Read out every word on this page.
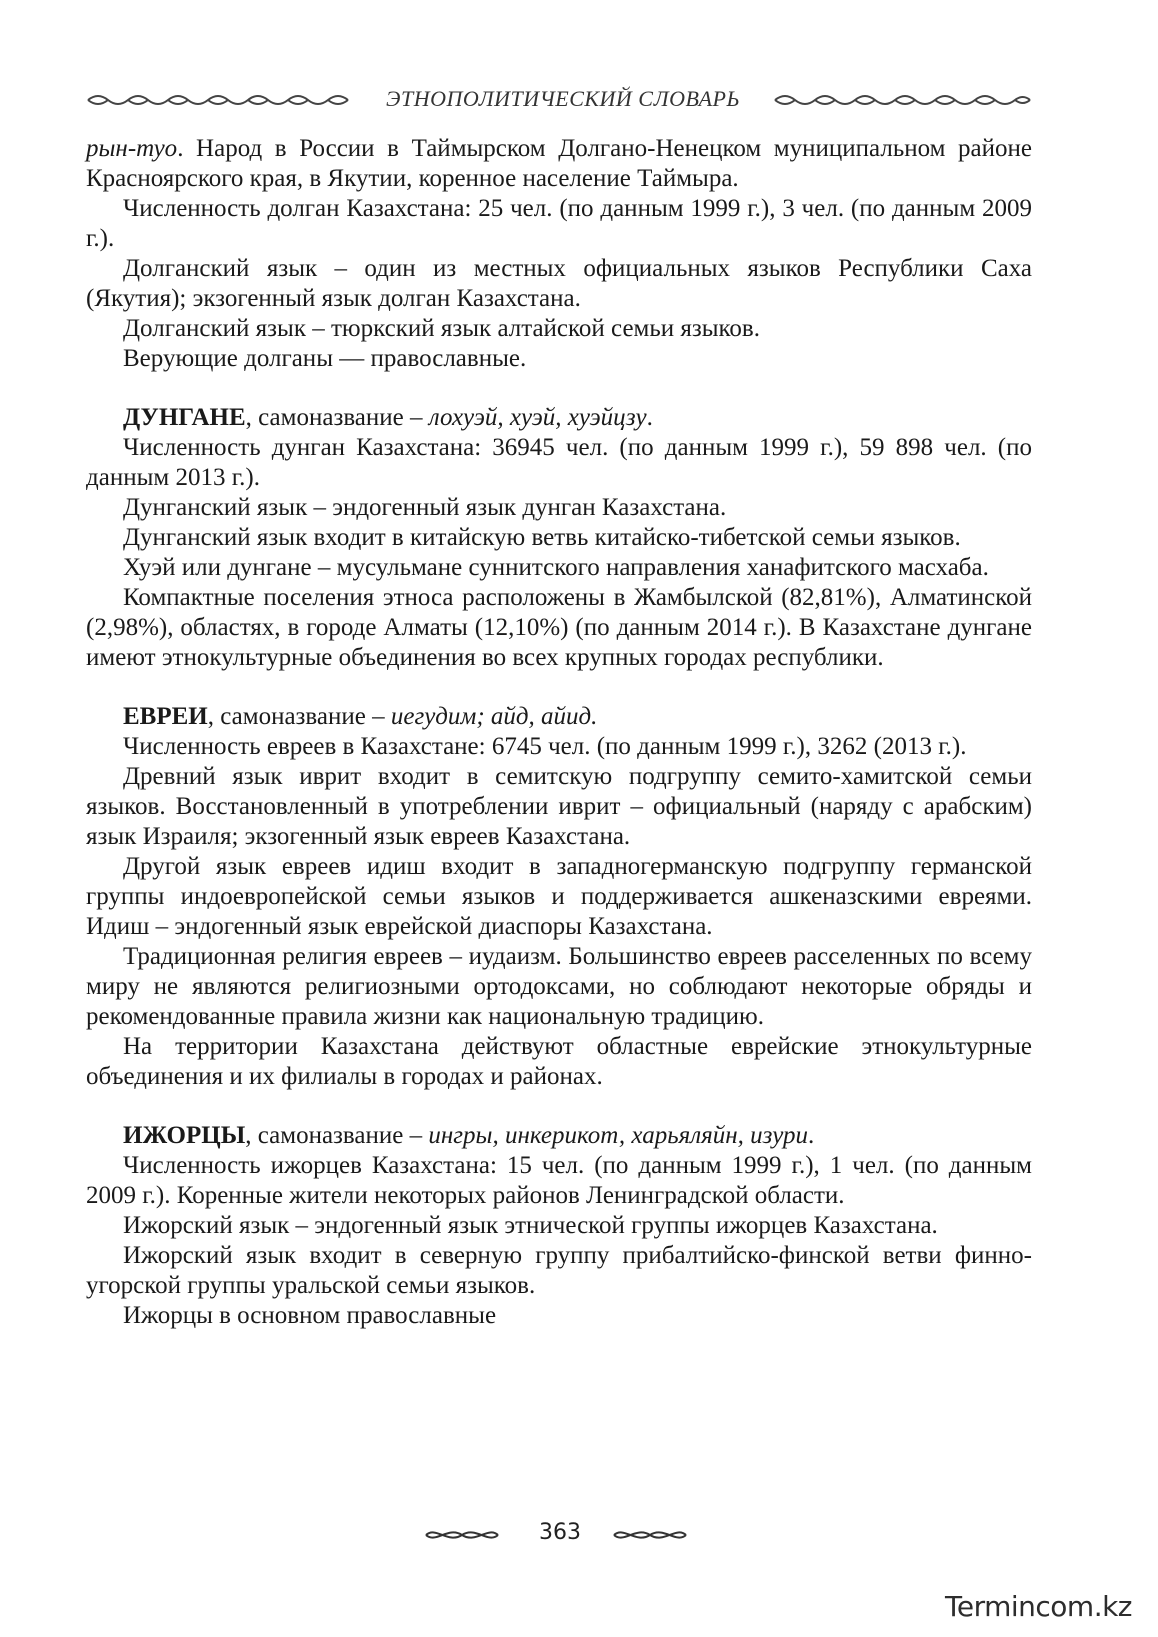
ЭТНОПОЛИТИЧЕСКИЙ СЛОВАРЬ

рын-туо. Народ в России в Таймырском Долгано-Ненецком муниципальном районе Красноярского края, в Якутии, коренное население Таймыра.

Численность долган Казахстана: 25 чел. (по данным 1999 г.), 3 чел. (по данным 2009 г.).

Долганский язык – один из местных официальных языков Республики Саха (Якутия); экзогенный язык долган Казахстана.

Долганский язык – тюркский язык алтайской семьи языков.

Верующие долганы — православные.

ДУНГАНЕ, самоназвание – лохуэй, хуэй, хуэйцзу.

Численность дунган Казахстана: 36945 чел. (по данным 1999 г.), 59 898 чел. (по данным 2013 г.).

Дунганский язык – эндогенный язык дунган Казахстана.

Дунганский язык входит в китайскую ветвь китайско-тибетской семьи языков.

Хуэй или дунгане – мусульмане суннитского направления ханафитского масхаба.

Компактные поселения этноса расположены в Жамбылской (82,81%), Алматинской (2,98%), областях, в городе Алматы (12,10%) (по данным 2014 г.). В Казахстане дунгане имеют этнокультурные объединения во всех крупных городах республики.

ЕВРЕИ, самоназвание – иегудим; айд, айид.

Численность евреев в Казахстане: 6745 чел. (по данным 1999 г.), 3262 (2013 г.).

Древний язык иврит входит в семитскую подгруппу семито-хамитской семьи языков. Восстановленный в употреблении иврит – официальный (наряду с арабским) язык Израиля; экзогенный язык евреев Казахстана.

Другой язык евреев идиш входит в западногерманскую подгруппу германской группы индоевропейской семьи языков и поддерживается ашкеназскими евреями. Идиш – эндогенный язык еврейской диаспоры Казахстана.

Традиционная религия евреев – иудаизм. Большинство евреев расселенных по всему миру не являются религиозными ортодоксами, но соблюдают некоторые обряды и рекомендованные правила жизни как национальную традицию.

На территории Казахстана действуют областные еврейские этнокультурные объединения и их филиалы в городах и районах.

ИЖОРЦЫ, самоназвание – ингры, инкерикот, харьяляйн, изури.

Численность ижорцев Казахстана: 15 чел. (по данным 1999 г.), 1 чел. (по данным 2009 г.). Коренные жители некоторых районов Ленинградской области.

Ижорский язык – эндогенный язык этнической группы ижорцев Казахстана.

Ижорский язык входит в северную группу прибалтийско-финской ветви финно-угорской группы уральской семьи языков.

Ижорцы в основном православные

363
Termincom.kz
